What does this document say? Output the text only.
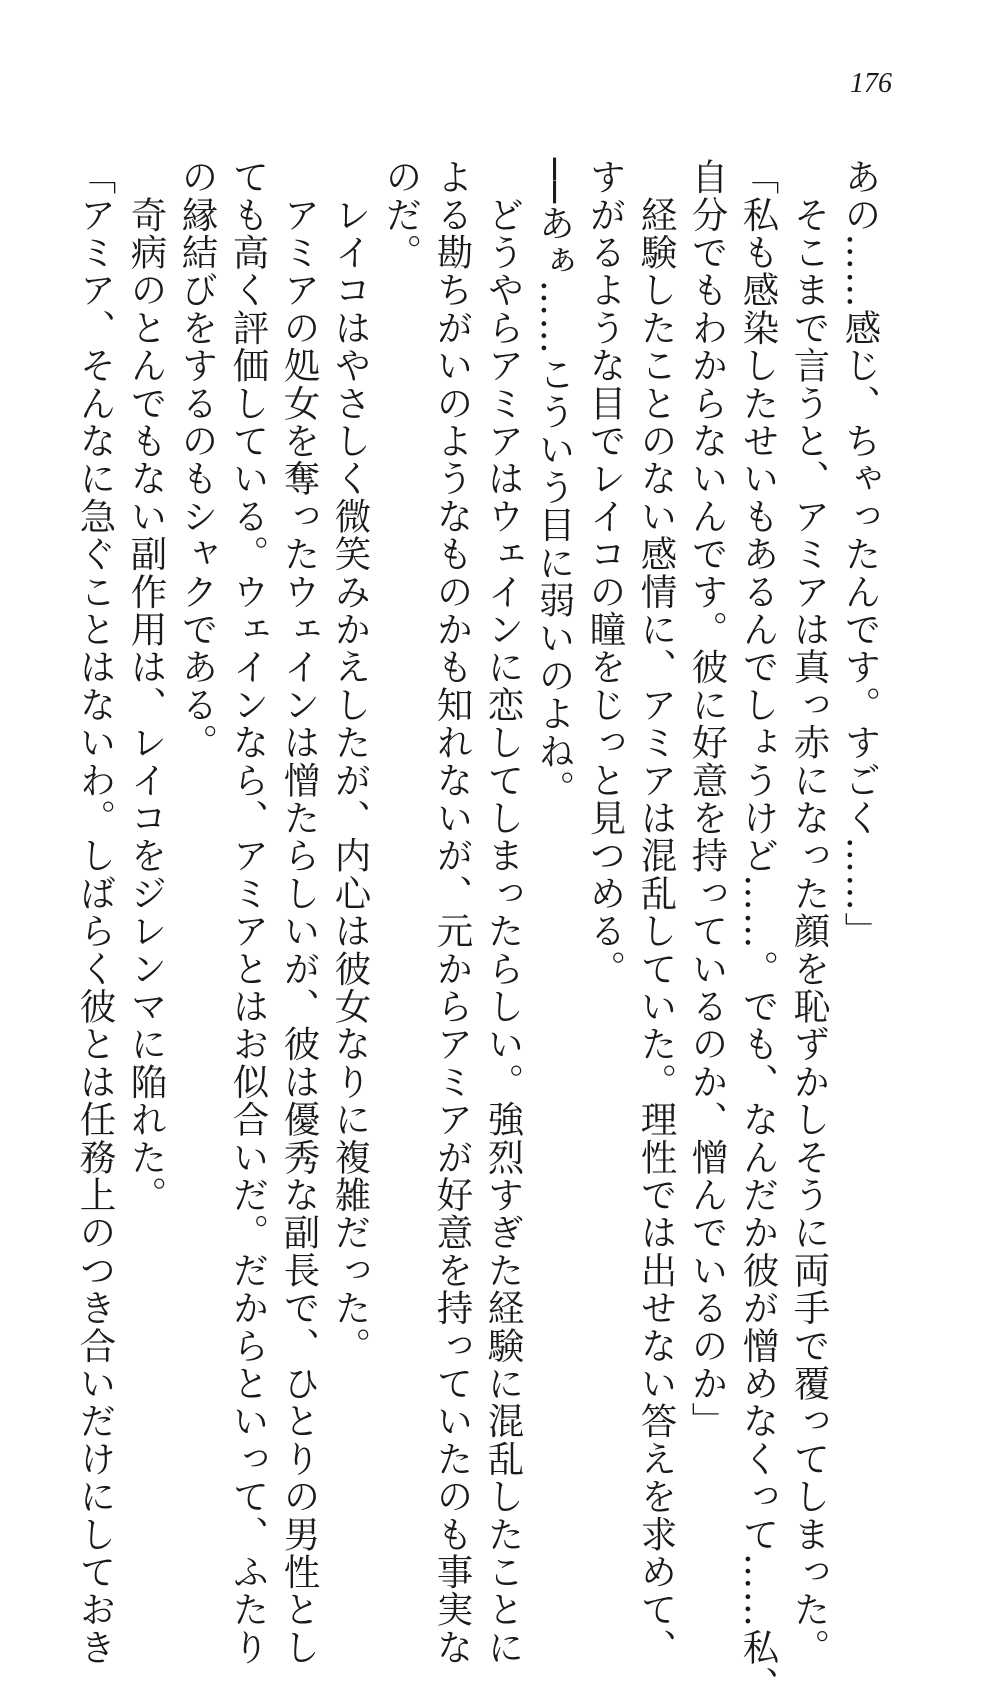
176
あの……感じ、ちゃったんです。すごく……」
　そこまで言うと、アミアは真っ赤になった顔を恥ずかしそうに両手で覆ってしまった。
「私も感染したせいもあるんでしょうけど……。でも、なんだか彼が憎めなくって……私、
自分でもわからないんです。彼に好意を持っているのか、憎んでいるのか」
　経験したことのない感情に、アミアは混乱していた。理性では出せない答えを求めて、
すがるような目でレイコの瞳をじっと見つめる。
──あぁ……こういう目に弱いのよね。
　どうやらアミアはウェインに恋してしまったらしい。強烈すぎた経験に混乱したことに
よる勘ちがいのようなものかも知れないが、元からアミアが好意を持っていたのも事実な
のだ。
　レイコはやさしく微笑みかえしたが、内心は彼女なりに複雑だった。
　アミアの処女を奪ったウェインは憎たらしいが、彼は優秀な副長で、ひとりの男性とし
ても高く評価している。ウェインなら、アミアとはお似合いだ。だからといって、ふたり
の縁結びをするのもシャクである。
　奇病のとんでもない副作用は、レイコをジレンマに陥れた。
「アミア、そんなに急ぐことはないわ。しばらく彼とは任務上のつき合いだけにしておき
